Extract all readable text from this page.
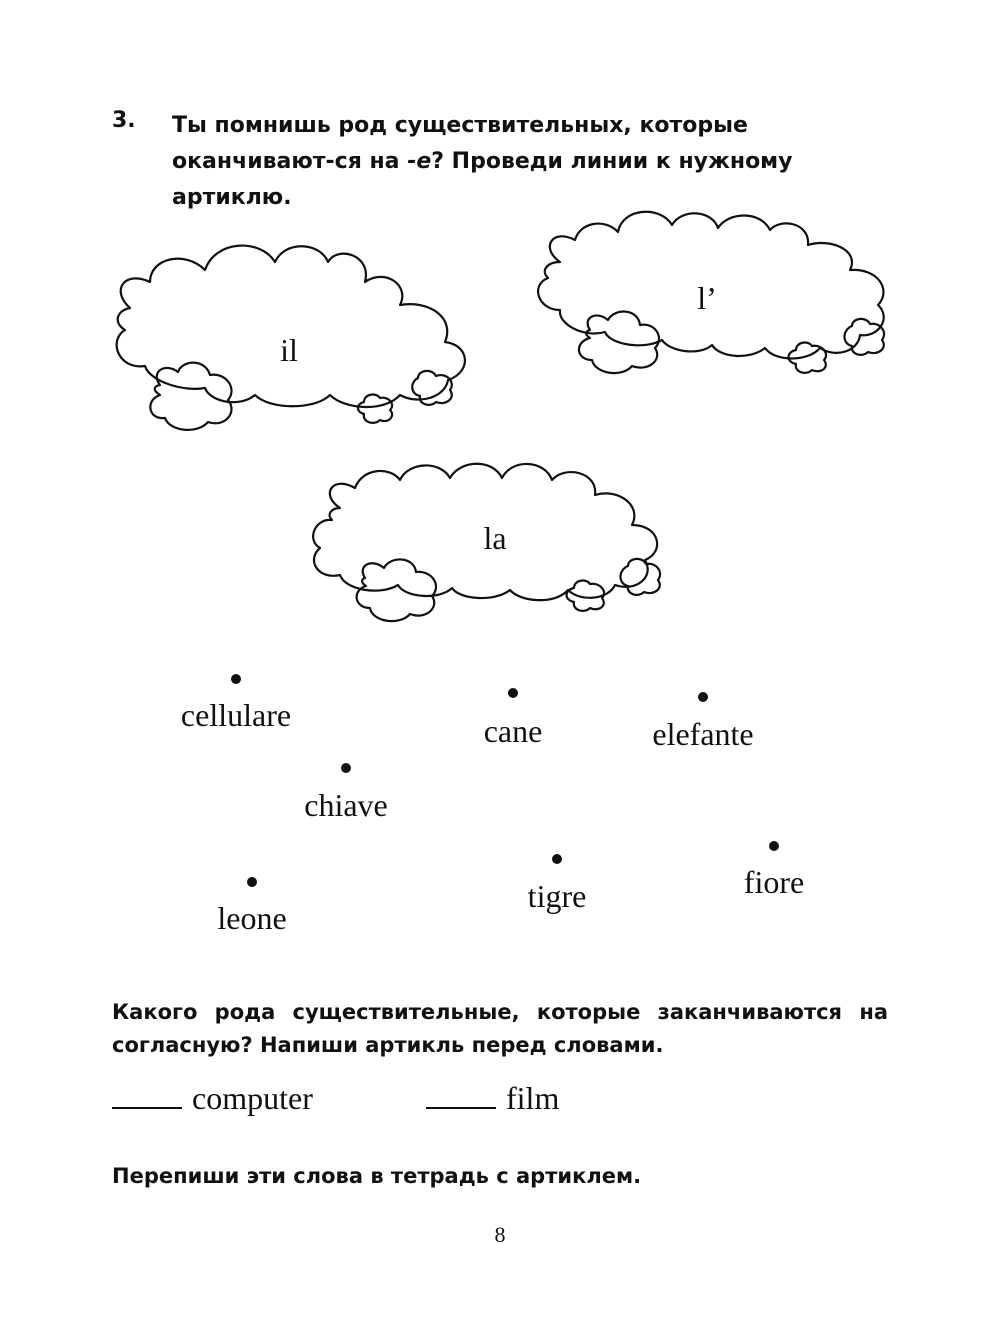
3. Ты помнишь род существительных, которые оканчивают-ся на -e? Проведи линии к нужному артиклю.
il
l’
la
cellulare	cane	elefante
chiave
leone
tigre	fiore
Какого рода существительные, которые заканчиваются на согласную? Напиши артикль перед словами.
computer	film
Перепиши эти слова в тетрадь с артиклем.
8
